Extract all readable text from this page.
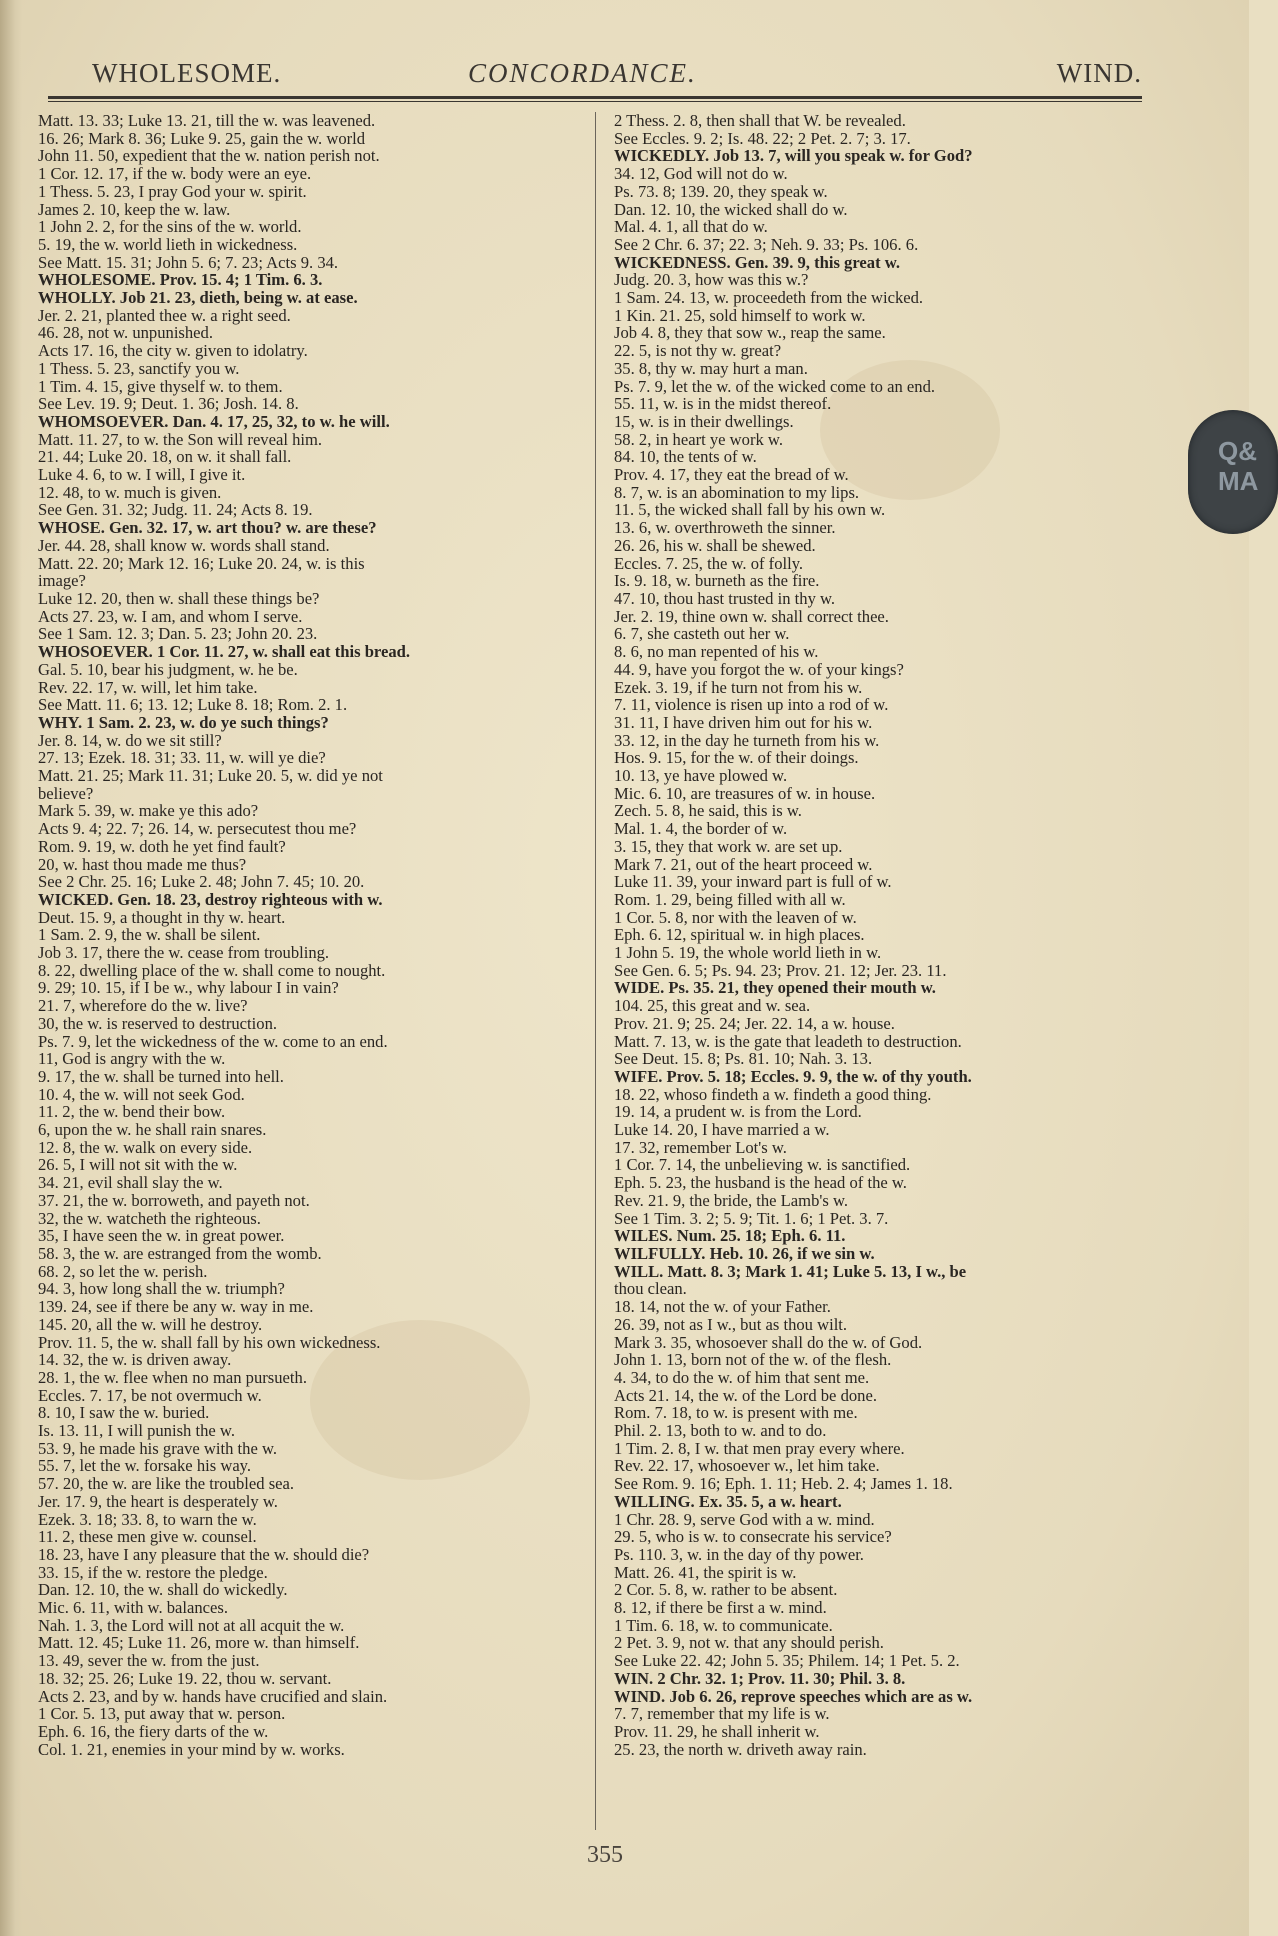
WHOLESOME.	CONCORDANCE.	WIND.
Matt. 13. 33; Luke 13. 21, till the w. was leavened.
16. 26; Mark 8. 36; Luke 9. 25, gain the w. world
John 11. 50, expedient that the w. nation perish not.
1 Cor. 12. 17, if the w. body were an eye.
1 Thess. 5. 23, I pray God your w. spirit.
James 2. 10, keep the w. law.
1 John 2. 2, for the sins of the w. world.
5. 19, the w. world lieth in wickedness.
See Matt. 15. 31; John 5. 6; 7. 23; Acts 9. 34.
WHOLESOME. Prov. 15. 4; 1 Tim. 6. 3.
WHOLLY. Job 21. 23, dieth, being w. at ease.
Jer. 2. 21, planted thee w. a right seed.
46. 28, not w. unpunished.
Acts 17. 16, the city w. given to idolatry.
1 Thess. 5. 23, sanctify you w.
1 Tim. 4. 15, give thyself w. to them.
See Lev. 19. 9; Deut. 1. 36; Josh. 14. 8.
WHOMSOEVER. Dan. 4. 17, 25, 32, to w. he will.
Matt. 11. 27, to w. the Son will reveal him.
21. 44; Luke 20. 18, on w. it shall fall.
Luke 4. 6, to w. I will, I give it.
12. 48, to w. much is given.
See Gen. 31. 32; Judg. 11. 24; Acts 8. 19.
WHOSE. Gen. 32. 17, w. art thou? w. are these?
Jer. 44. 28, shall know w. words shall stand.
Matt. 22. 20; Mark 12. 16; Luke 20. 24, w. is this
image?
Luke 12. 20, then w. shall these things be?
Acts 27. 23, w. I am, and whom I serve.
See 1 Sam. 12. 3; Dan. 5. 23; John 20. 23.
WHOSOEVER. 1 Cor. 11. 27, w. shall eat this bread.
Gal. 5. 10, bear his judgment, w. he be.
Rev. 22. 17, w. will, let him take.
See Matt. 11. 6; 13. 12; Luke 8. 18; Rom. 2. 1.
WHY. 1 Sam. 2. 23, w. do ye such things?
Jer. 8. 14, w. do we sit still?
27. 13; Ezek. 18. 31; 33. 11, w. will ye die?
Matt. 21. 25; Mark 11. 31; Luke 20. 5, w. did ye not
believe?
Mark 5. 39, w. make ye this ado?
Acts 9. 4; 22. 7; 26. 14, w. persecutest thou me?
Rom. 9. 19, w. doth he yet find fault?
20, w. hast thou made me thus?
See 2 Chr. 25. 16; Luke 2. 48; John 7. 45; 10. 20.
WICKED. Gen. 18. 23, destroy righteous with w.
Deut. 15. 9, a thought in thy w. heart.
1 Sam. 2. 9, the w. shall be silent.
Job 3. 17, there the w. cease from troubling.
8. 22, dwelling place of the w. shall come to nought.
9. 29; 10. 15, if I be w., why labour I in vain?
21. 7, wherefore do the w. live?
30, the w. is reserved to destruction.
Ps. 7. 9, let the wickedness of the w. come to an end.
11, God is angry with the w.
9. 17, the w. shall be turned into hell.
10. 4, the w. will not seek God.
11. 2, the w. bend their bow.
6, upon the w. he shall rain snares.
12. 8, the w. walk on every side.
26. 5, I will not sit with the w.
34. 21, evil shall slay the w.
37. 21, the w. borroweth, and payeth not.
32, the w. watcheth the righteous.
35, I have seen the w. in great power.
58. 3, the w. are estranged from the womb.
68. 2, so let the w. perish.
94. 3, how long shall the w. triumph?
139. 24, see if there be any w. way in me.
145. 20, all the w. will he destroy.
Prov. 11. 5, the w. shall fall by his own wickedness.
14. 32, the w. is driven away.
28. 1, the w. flee when no man pursueth.
Eccles. 7. 17, be not overmuch w.
8. 10, I saw the w. buried.
Is. 13. 11, I will punish the w.
53. 9, he made his grave with the w.
55. 7, let the w. forsake his way.
57. 20, the w. are like the troubled sea.
Jer. 17. 9, the heart is desperately w.
Ezek. 3. 18; 33. 8, to warn the w.
11. 2, these men give w. counsel.
18. 23, have I any pleasure that the w. should die?
33. 15, if the w. restore the pledge.
Dan. 12. 10, the w. shall do wickedly.
Mic. 6. 11, with w. balances.
Nah. 1. 3, the Lord will not at all acquit the w.
Matt. 12. 45; Luke 11. 26, more w. than himself.
13. 49, sever the w. from the just.
18. 32; 25. 26; Luke 19. 22, thou w. servant.
Acts 2. 23, and by w. hands have crucified and slain.
1 Cor. 5. 13, put away that w. person.
Eph. 6. 16, the fiery darts of the w.
Col. 1. 21, enemies in your mind by w. works.
2 Thess. 2. 8, then shall that W. be revealed.
See Eccles. 9. 2; Is. 48. 22; 2 Pet. 2. 7; 3. 17.
WICKEDLY. Job 13. 7, will you speak w. for God?
34. 12, God will not do w.
Ps. 73. 8; 139. 20, they speak w.
Dan. 12. 10, the wicked shall do w.
Mal. 4. 1, all that do w.
See 2 Chr. 6. 37; 22. 3; Neh. 9. 33; Ps. 106. 6.
WICKEDNESS. Gen. 39. 9, this great w.
Judg. 20. 3, how was this w.?
1 Sam. 24. 13, w. proceedeth from the wicked.
1 Kin. 21. 25, sold himself to work w.
Job 4. 8, they that sow w., reap the same.
22. 5, is not thy w. great?
35. 8, thy w. may hurt a man.
Ps. 7. 9, let the w. of the wicked come to an end.
55. 11, w. is in the midst thereof.
15, w. is in their dwellings.
58. 2, in heart ye work w.
84. 10, the tents of w.
Prov. 4. 17, they eat the bread of w.
8. 7, w. is an abomination to my lips.
11. 5, the wicked shall fall by his own w.
13. 6, w. overthroweth the sinner.
26. 26, his w. shall be shewed.
Eccles. 7. 25, the w. of folly.
Is. 9. 18, w. burneth as the fire.
47. 10, thou hast trusted in thy w.
Jer. 2. 19, thine own w. shall correct thee.
6. 7, she casteth out her w.
8. 6, no man repented of his w.
44. 9, have you forgot the w. of your kings?
Ezek. 3. 19, if he turn not from his w.
7. 11, violence is risen up into a rod of w.
31. 11, I have driven him out for his w.
33. 12, in the day he turneth from his w.
Hos. 9. 15, for the w. of their doings.
10. 13, ye have plowed w.
Mic. 6. 10, are treasures of w. in house.
Zech. 5. 8, he said, this is w.
Mal. 1. 4, the border of w.
3. 15, they that work w. are set up.
Mark 7. 21, out of the heart proceed w.
Luke 11. 39, your inward part is full of w.
Rom. 1. 29, being filled with all w.
1 Cor. 5. 8, nor with the leaven of w.
Eph. 6. 12, spiritual w. in high places.
1 John 5. 19, the whole world lieth in w.
See Gen. 6. 5; Ps. 94. 23; Prov. 21. 12; Jer. 23. 11.
WIDE. Ps. 35. 21, they opened their mouth w.
104. 25, this great and w. sea.
Prov. 21. 9; 25. 24; Jer. 22. 14, a w. house.
Matt. 7. 13, w. is the gate that leadeth to destruction.
See Deut. 15. 8; Ps. 81. 10; Nah. 3. 13.
WIFE. Prov. 5. 18; Eccles. 9. 9, the w. of thy youth.
18. 22, whoso findeth a w. findeth a good thing.
19. 14, a prudent w. is from the Lord.
Luke 14. 20, I have married a w.
17. 32, remember Lot's w.
1 Cor. 7. 14, the unbelieving w. is sanctified.
Eph. 5. 23, the husband is the head of the w.
Rev. 21. 9, the bride, the Lamb's w.
See 1 Tim. 3. 2; 5. 9; Tit. 1. 6; 1 Pet. 3. 7.
WILES. Num. 25. 18; Eph. 6. 11.
WILFULLY. Heb. 10. 26, if we sin w.
WILL. Matt. 8. 3; Mark 1. 41; Luke 5. 13, I w., be
thou clean.
18. 14, not the w. of your Father.
26. 39, not as I w., but as thou wilt.
Mark 3. 35, whosoever shall do the w. of God.
John 1. 13, born not of the w. of the flesh.
4. 34, to do the w. of him that sent me.
Acts 21. 14, the w. of the Lord be done.
Rom. 7. 18, to w. is present with me.
Phil. 2. 13, both to w. and to do.
1 Tim. 2. 8, I w. that men pray every where.
Rev. 22. 17, whosoever w., let him take.
See Rom. 9. 16; Eph. 1. 11; Heb. 2. 4; James 1. 18.
WILLING. Ex. 35. 5, a w. heart.
1 Chr. 28. 9, serve God with a w. mind.
29. 5, who is w. to consecrate his service?
Ps. 110. 3, w. in the day of thy power.
Matt. 26. 41, the spirit is w.
2 Cor. 5. 8, w. rather to be absent.
8. 12, if there be first a w. mind.
1 Tim. 6. 18, w. to communicate.
2 Pet. 3. 9, not w. that any should perish.
See Luke 22. 42; John 5. 35; Philem. 14; 1 Pet. 5. 2.
WIN. 2 Chr. 32. 1; Prov. 11. 30; Phil. 3. 8.
WIND. Job 6. 26, reprove speeches which are as w.
7. 7, remember that my life is w.
Prov. 11. 29, he shall inherit w.
25. 23, the north w. driveth away rain.
Q&
MA
355
